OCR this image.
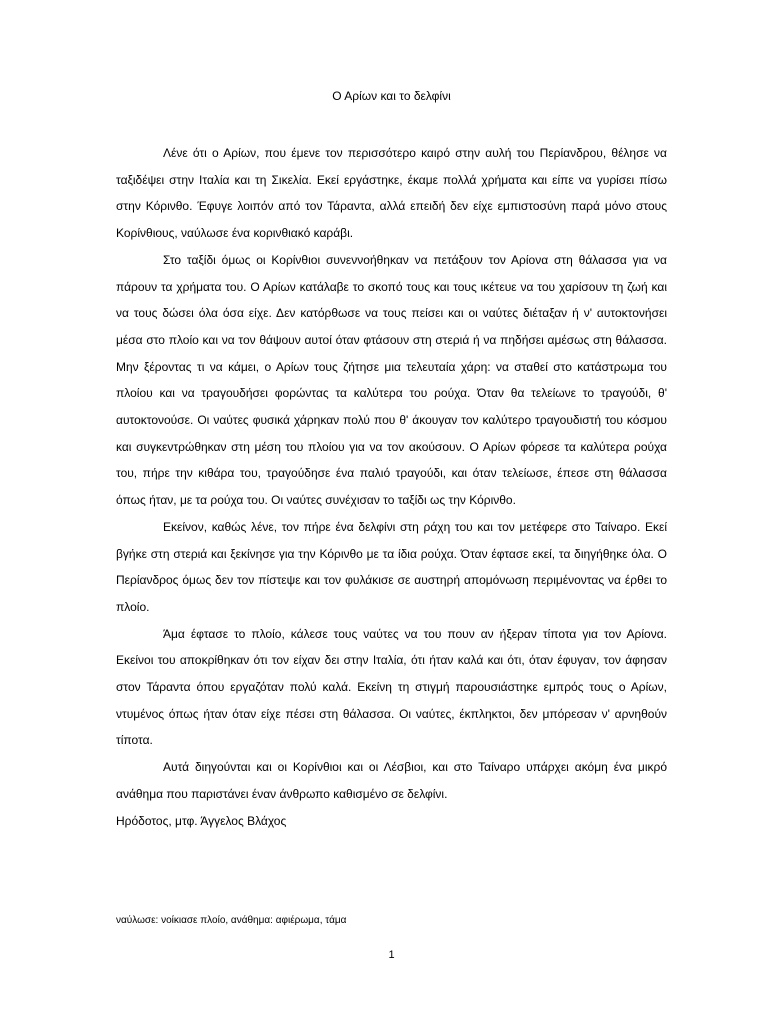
Ο Αρίων και το δελφίνι

Λένε ότι ο Αρίων, που έμενε τον περισσότερο καιρό στην αυλή του Περίανδρου, θέλησε να ταξιδέψει στην Ιταλία και τη Σικελία. Εκεί εργάστηκε, έκαμε πολλά χρήματα και είπε να γυρίσει πίσω στην Κόρινθο. Έφυγε λοιπόν από τον Τάραντα, αλλά επειδή δεν είχε εμπιστοσύνη παρά μόνο στους Κορίνθιους, ναύλωσε ένα κορινθιακό καράβι.

Στο ταξίδι όμως οι Κορίνθιοι συνεννοήθηκαν να πετάξουν τον Αρίονα στη θάλασσα για να πάρουν τα χρήματα του. Ο Αρίων κατάλαβε το σκοπό τους και τους ικέτευε να του χαρίσουν τη ζωή και να τους δώσει όλα όσα είχε. Δεν κατόρθωσε να τους πείσει και οι ναύτες διέταξαν ή ν' αυτοκτονήσει μέσα στο πλοίο και να τον θάψουν αυτοί όταν φτάσουν στη στεριά ή να πηδήσει αμέσως στη θάλασσα. Μην ξέροντας τι να κάμει, ο Αρίων τους ζήτησε μια τελευταία χάρη: να σταθεί στο κατάστρωμα του πλοίου και να τραγουδήσει φορώντας τα καλύτερα του ρούχα. Όταν θα τελείωνε το τραγούδι, θ' αυτοκτονούσε. Οι ναύτες φυσικά χάρηκαν πολύ που θ' άκουγαν τον καλύτερο τραγουδιστή του κόσμου και συγκεντρώθηκαν στη μέση του πλοίου για να τον ακούσουν. Ο Αρίων φόρεσε τα καλύτερα ρούχα του, πήρε την κιθάρα του, τραγούδησε ένα παλιό τραγούδι, και όταν τελείωσε, έπεσε στη θάλασσα όπως ήταν, με τα ρούχα του. Οι ναύτες συνέχισαν το ταξίδι ως την Κόρινθο.

Εκείνον, καθώς λένε, τον πήρε ένα δελφίνι στη ράχη του και τον μετέφερε στο Ταίναρο. Εκεί βγήκε στη στεριά και ξεκίνησε για την Κόρινθο με τα ίδια ρούχα. Όταν έφτασε εκεί, τα διηγήθηκε όλα. Ο Περίανδρος όμως δεν τον πίστεψε και τον φυλάκισε σε αυστηρή απομόνωση περιμένοντας να έρθει το πλοίο.

Άμα έφτασε το πλοίο, κάλεσε τους ναύτες να του πουν αν ήξεραν τίποτα για τον Αρίονα. Εκείνοι του αποκρίθηκαν ότι τον είχαν δει στην Ιταλία, ότι ήταν καλά και ότι, όταν έφυγαν, τον άφησαν στον Τάραντα όπου εργαζόταν πολύ καλά. Εκείνη τη στιγμή παρουσιάστηκε εμπρός τους ο Αρίων, ντυμένος όπως ήταν όταν είχε πέσει στη θάλασσα. Οι ναύτες, έκπληκτοι, δεν μπόρεσαν ν' αρνηθούν τίποτα.

Αυτά διηγούνται και οι Κορίνθιοι και οι Λέσβιοι, και στο Ταίναρο υπάρχει ακόμη ένα μικρό ανάθημα που παριστάνει έναν άνθρωπο καθισμένο σε δελφίνι.

Ηρόδοτος, μτφ. Άγγελος Βλάχος

ναύλωσε: νοίκιασε πλοίο, ανάθημα: αφιέρωμα, τάμα
1
